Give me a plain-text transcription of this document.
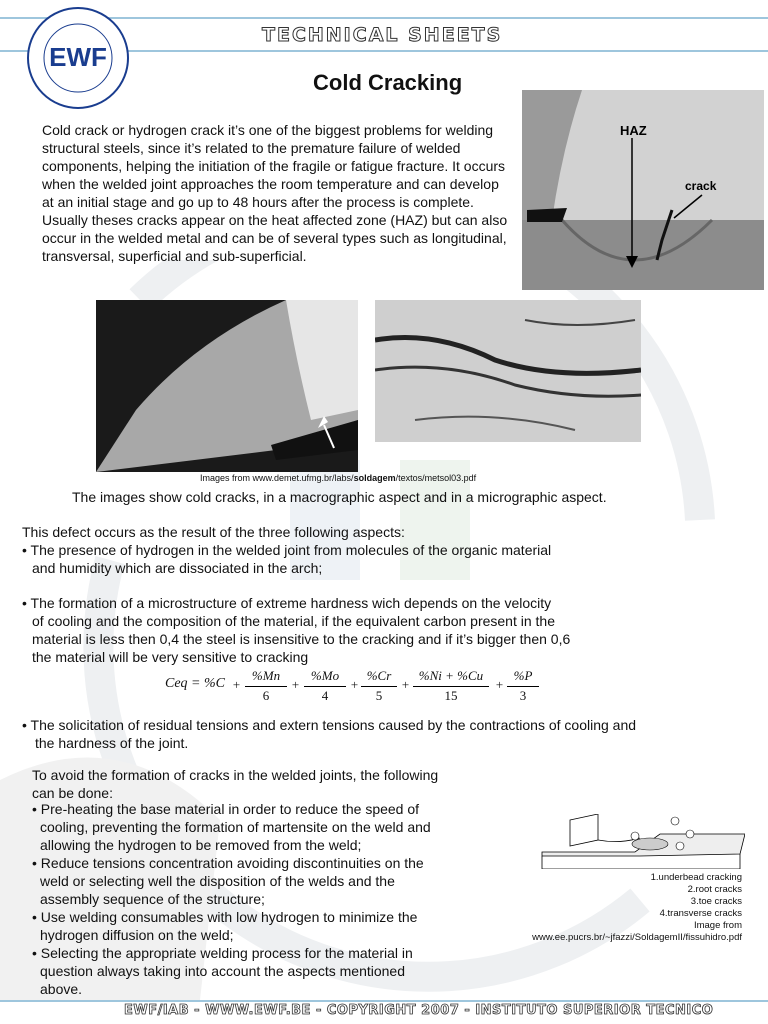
EWF
TECHNICAL SHEETS
Cold Cracking
Cold crack or hydrogen crack it’s one of the biggest problems for welding structural steels, since it’s related to the premature failure of welded components, helping the initiation of the fragile or fatigue fracture. It occurs when the welded joint approaches the room temperature and can develop at an initial stage and go up to 48 hours after the process is complete. Usually theses cracks appear on the heat affected zone (HAZ) but can also occur in the welded metal and can be of several types such as longitudinal, transversal, superficial and sub-superficial.
HAZ
crack
Images from www.demet.ufmg.br/labs/soldagem/textos/metsol03.pdf
The images show cold cracks, in a macrographic aspect and in a micrographic aspect.
This defect occurs as the result of the three following aspects:
• The presence of hydrogen in the welded joint from molecules of the organic material
and humidity which are dissociated in the arch;
• The formation of a microstructure of extreme hardness wich depends on the velocity
of cooling and the composition of the material, if the equivalent carbon present in the
material is less then 0,4 the steel is insensitive to the cracking and if it’s bigger then 0,6
the material will be very sensitive to cracking
Ceq = $\%C + \frac{\%Mn}{6} + \frac{\%Mo}{4} + \frac{\%Cr}{5} + \frac{\%Ni + \%Cu}{15} + \frac{\%P}{3}$
• The solicitation of residual tensions and extern tensions caused by the contractions of cooling and
the hardness of the joint.
To avoid the formation of cracks in the welded joints, the following
can be done:
• Pre-heating the base material in order to reduce the speed of
cooling, preventing the formation of martensite on the weld and
allowing the hydrogen to be removed from the weld;
• Reduce tensions concentration avoiding discontinuities on the
weld or selecting well the disposition of the welds and the
assembly sequence of the structure;
• Use welding consumables with low hydrogen to minimize the
hydrogen diffusion on the weld;
• Selecting the appropriate welding process for the material in
question always taking into account the aspects mentioned
above.
1.underbead cracking
2.root cracks
3.toe cracks
4.transverse cracks
Image from
www.ee.pucrs.br/~jfazzi/SoldagemII/fissuhidro.pdf
EWF/IAB - WWW.EWF.BE - COPYRIGHT 2007 - INSTITUTO SUPERIOR TECNICO
